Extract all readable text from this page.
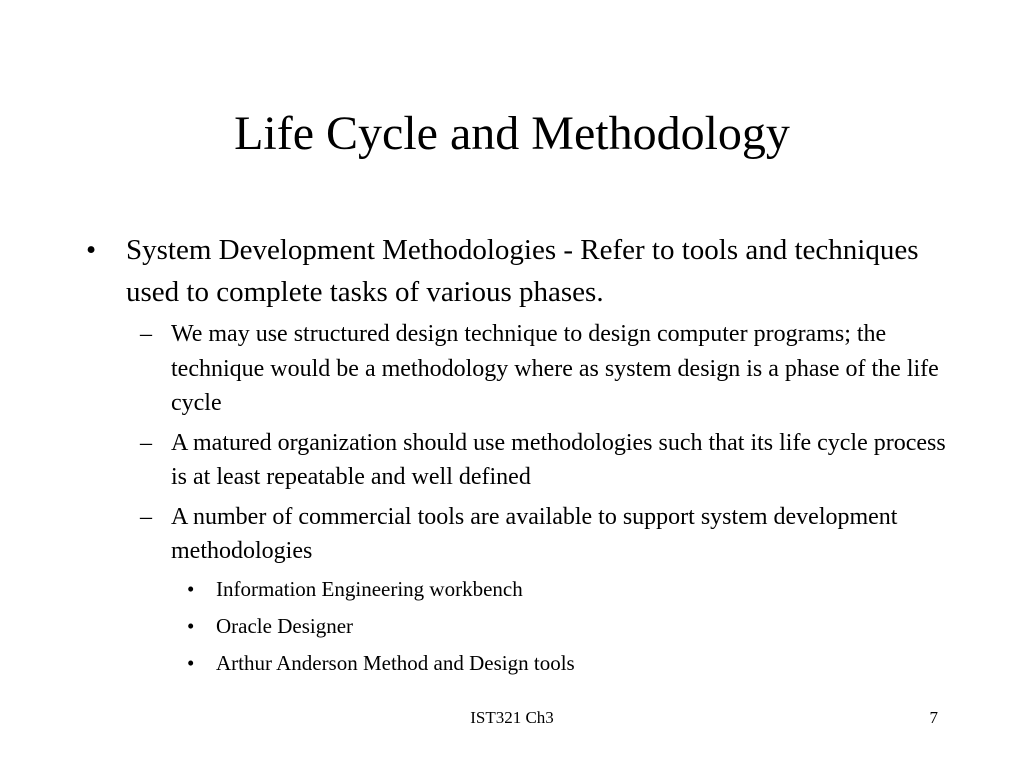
Life Cycle and Methodology
• System Development Methodologies - Refer to tools and techniques used to complete tasks of various phases.
– We may use structured design technique to design computer programs; the technique would be a methodology where as system design is a phase of the life cycle
– A matured organization should use methodologies such that its life cycle process is at least repeatable and well defined
– A number of commercial tools are available to support system development methodologies
• Information Engineering workbench
• Oracle Designer
• Arthur Anderson Method and Design tools
IST321 Ch3	7
